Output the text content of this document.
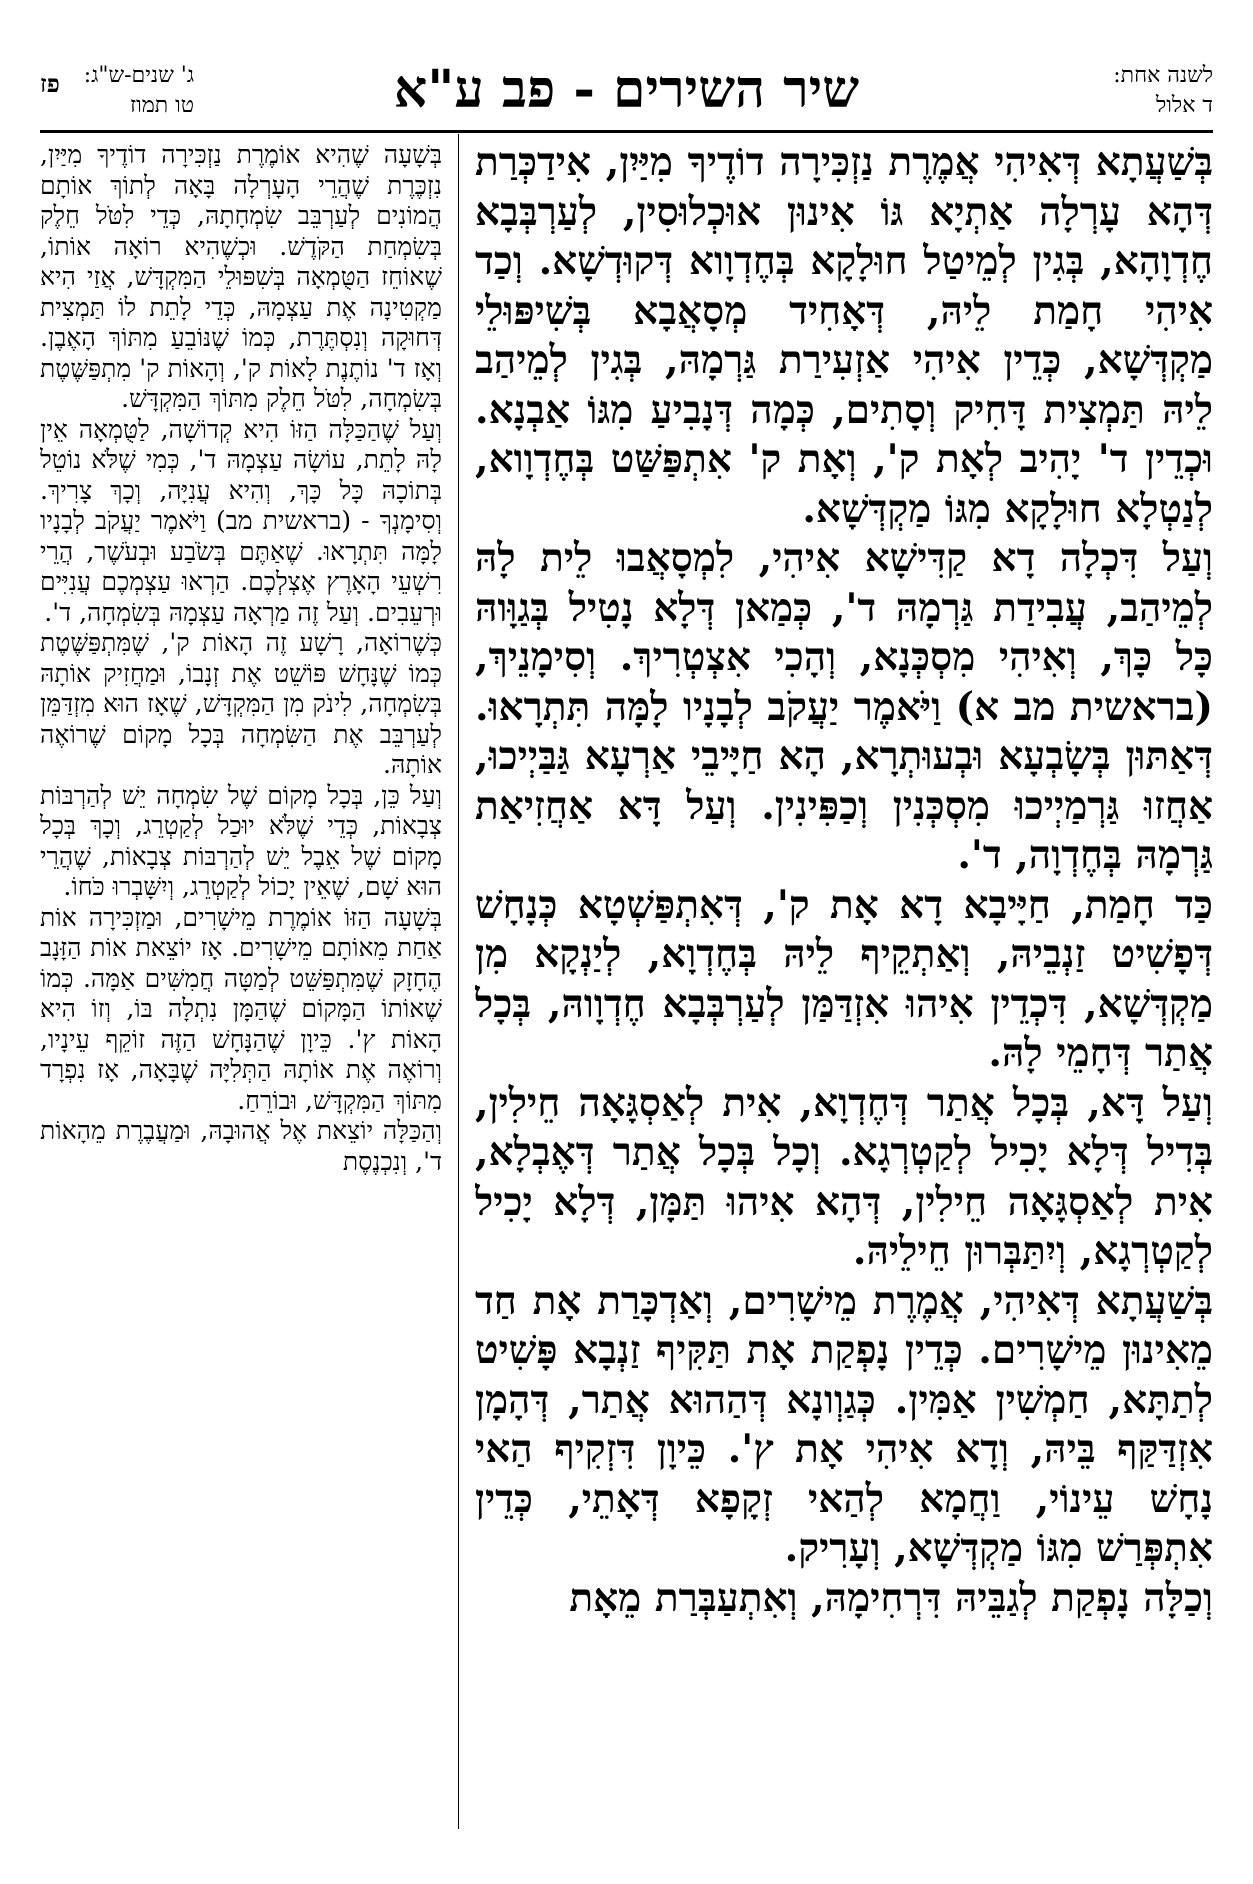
לשנה אחת:
ד אלול
שיר השירים - פב ע"א
פז ג' שנים-ש"ג:
טו תמוז

בְּשַׁעֲתָא דְּאִיהִי אֲמֶרֶת נַזְכִּירָה דוֹדֶיךָ מִיַּיִן, אִידַכְּרַת דְּהָא עָרְלָה אַתְיָא גּוֹ אִינוּן אוּכְלוּסִין, לְעַרְבְּבָא חֶדְוָהָא, בְּגִין לְמֵיטַל חוּלָקָא בְּחֶדְוָוא דְּקוּדְשָׁא. וְכַד אִיהִי חָמַת לֵיהּ, דְּאָחִיד מְסָאֲבָא בְּשִׁיפּוּלֵי מַקְדְּשָׁא, כְּדֵין אִיהִי אַזְעִירַת גַּרְמָהּ, בְּגִין לְמֵיהַב לֵיהּ תַּמְצִית דָּחִיק וְסָתִים, כְּמָה דְּנָבִיעַ מִגּוֹ אַבְנָא. וּכְדֵין ד' יָהִיב לְאָת ק', וְאָת ק' אִתְפַּשַּׁט בְּחֶדְוָוא, לְנַטְלָא חוּלָקָא מִגּוֹ מַקְדְּשָׁא.

וְעַל דִּכְלָה דָא קַדִּישָׁא אִיהִי, לִמְסָאֲבוּ לֵית לָהּ לְמֵיהַב, עֲבִידַת גַּרְמָהּ ד', כְּמַאן דְּלָא נָטִיל בְּגַוָּוהּ כָּל כָּךְ, וְאִיהִי מִסְכְּנָא, וְהָכִי אִצְטְרִיךְ. וְסִימָנֵיךְ, (בראשית מב א) וַיֹּאמֶר יַעֲקֹב לְבָנָיו לָמָּה תִּתְרָאוּ. דְּאַתּוּן בְּשָׂבְעָא וּבְעוּתְרָא, הָא חַיָּיבֵי אַרְעָא גַּבַּיְיכוּ, אַחֲזוּ גַּרְמַיְיכוּ מִסְכְּנִין וְכַפִּינִין. וְעַל דָּא אַחֲזִיאַת גַּרְמָהּ בְּחֶדְוָה, ד'.

כַּד חָמַת, חַיָּיבָא דָא אָת ק', דְּאִתְפַּשְׁטָא כְּנָחָשׁ דְּפָשִׁיט זַנְבֵיהּ, וְאַתְקֵיף לֵיהּ בְּחֶדְוָא, לְיַנְקָא מִן מַקְדְּשָׁא, דִּכְדֵין אִיהוּ אִזְדַּמַּן לְעַרְבְּבָא חֶדְוָוהּ, בְּכָל אֲתַר דְּחָמֵי לָהּ.

וְעַל דָּא, בְּכָל אֲתַר דְּחֶדְוָא, אִית לְאַסְגָּאָה חֵילִין, בְּדִיל דְּלָא יָכִיל לְקַטְרְגָא. וְכָל בְּכָל אֲתַר דְּאֶבְלָא, אִית לְאַסְגָּאָה חֵילִין, דְּהָא אִיהוּ תַּמָּן, דְּלָא יָכִיל לְקַטְרְגָא, וְיִתַּבְּרוּן חֵילֵיהּ.

בְּשַׁעֲתָא דְּאִיהִי, אֲמֶרֶת מֵישָׁרִים, וְאַדְכָּרַת אָת חַד מֵאִינוּן מֵישָׁרִים. כְּדֵין נָפְקַת אָת תַּקִּיף זַנְבָא פָּשִׁיט לְתַתָּא, חַמְשִׁין אַמִּין. כְּגַוְונָא דְּהַהוּא אֲתַר, דְּהָמָן אִזְדַּקַּף בֵּיהּ, וְדָא אִיהִי אָת ץ'. כֵּיוָן דִּזְקִיף הַאי נָחָשׁ עֵינוֹי, וַחֲמָא לְהַאי זְקָפָא דְּאָתֵי, כְּדֵין אִתְפְּרַשׁ מִגּוֹ מַקְדְּשָׁא, וְעָרִיק.

וְכַלָּה נָפְקַת לְגַבֵּיהּ דִּרְחִימָהּ, וְאִתְעַבְּרַת מֵאָת

בְּשָׁעָה שֶׁהִיא אוֹמֶרֶת נַזְכִּירָה דוֹדֶיךָ מִיַּיִן, נִזְכֶּרֶת שֶׁהֲרֵי הָעָרְלָה בָּאָה לְתוֹךְ אוֹתָם הֲמוֹנִים לְעַרְבֵּב שִׂמְחָתָהּ, כְּדֵי לִטֹּל חֵלֶק בְּשִׂמְחַת הַקֹּדֶשׁ. וּכְשֶׁהִיא רוֹאָה אוֹתוֹ, שֶׁאוֹחֵז הַטֻּמְאָה בְּשִׁפּוּלֵי הַמִּקְדָּשׁ, אֲזַי הִיא מַקְטִינָה אֶת עַצְמָהּ, כְּדֵי לָתֵת לוֹ תַּמְצִית דְּחוּקָה וְנִסְתֶּרֶת, כְּמוֹ שֶׁנּוֹבֵעַ מִתּוֹךְ הָאֶבֶן. וְאָז ד' נוֹתֶנֶת לָאוֹת ק', וְהָאוֹת ק' מִתְפַּשֶּׁטֶת בְּשִׂמְחָה, לִטֹּל חֵלֶק מִתּוֹךְ הַמִּקְדָּשׁ.

וְעַל שֶׁהַכַּלָּה הַזּוֹ הִיא קְדוֹשָׁה, לַטֻּמְאָה אֵין לָהּ לָתֵת, עוֹשָׂה עַצְמָהּ ד', כְּמִי שֶׁלֹּא נוֹטֵל בְּתוֹכָהּ כָּל כָּךְ, וְהִיא עֲנִיָּה, וְכָךְ צָרִיךְ. וְסִימָנְךָ - (בראשית מב) וַיֹּאמֶר יַעֲקֹב לְבָנָיו לָמָּה תִּתְרָאוּ. שֶׁאַתֶּם בְּשֹׂבַע וּבְעֹשֶׁר, הֲרֵי רִשְׁעֵי הָאָרֶץ אֶצְלְכֶם. הַרְאוּ עַצְמְכֶם עֲנִיִּים וּרְעֵבִים. וְעַל זֶה מַרְאָה עַצְמָהּ בְּשִׂמְחָה, ד'.

כְּשֶׁרוֹאָה, רָשָׁע זֶה הָאוֹת ק', שֶׁמִּתְפַּשֶּׁטֶת כְּמוֹ שֶׁנָּחָשׁ פּוֹשֵׁט אֶת זְנָבוֹ, וּמַחֲזִיק אוֹתָהּ בְּשִׂמְחָה, לִינֹק מִן הַמִּקְדָּשׁ, שֶׁאָז הוּא מִזְדַּמֵּן לְעַרְבֵּב אֶת הַשִּׂמְחָה בְּכָל מָקוֹם שֶׁרוֹאֶה אוֹתָהּ.

וְעַל כֵּן, בְּכָל מָקוֹם שֶׁל שִׂמְחָה יֵשׁ לְהַרְבּוֹת צְבָאוֹת, כְּדֵי שֶׁלֹּא יוּכַל לְקַטְרֵג, וְכָךְ בְּכָל מָקוֹם שֶׁל אֵבֶל יֵשׁ לְהַרְבּוֹת צְבָאוֹת, שֶׁהֲרֵי הוּא שָׁם, שֶׁאֵין יָכוֹל לְקַטְרֵג, וְיִשָּׁבְרוּ כֹּחוֹ.

בְּשָׁעָה הַזּוֹ אוֹמֶרֶת מֵישָׁרִים, וּמַזְכִּירָה אוֹת אַחַת מֵאוֹתָם מֵישָׁרִים. אָז יוֹצֵאת אוֹת הַזָּנָב הֶחָזָק שֶׁמִּתְפַּשֵּׁט לְמַטָּה חֲמִשִּׁים אַמָּה. כְּמוֹ שֶׁאוֹתוֹ הַמָּקוֹם שֶׁהַמָּן נִתְלָה בּוֹ, וְזוֹ הִיא הָאוֹת ץ'. כֵּיוָן שֶׁהַנָּחָשׁ הַזֶּה זוֹקֵף עֵינָיו, וְרוֹאֶה אֶת אוֹתָהּ הַתְּלִיָּה שֶׁבָּאָה, אָז נִפְרָד מִתּוֹךְ הַמִּקְדָּשׁ, וּבוֹרֵחַ.

וְהַכַּלָּה יוֹצֵאת אֶל אֲהוּבָהּ, וּמַעֲבֶרֶת מֵהָאוֹת ד', וְנִכְנֶסֶת
